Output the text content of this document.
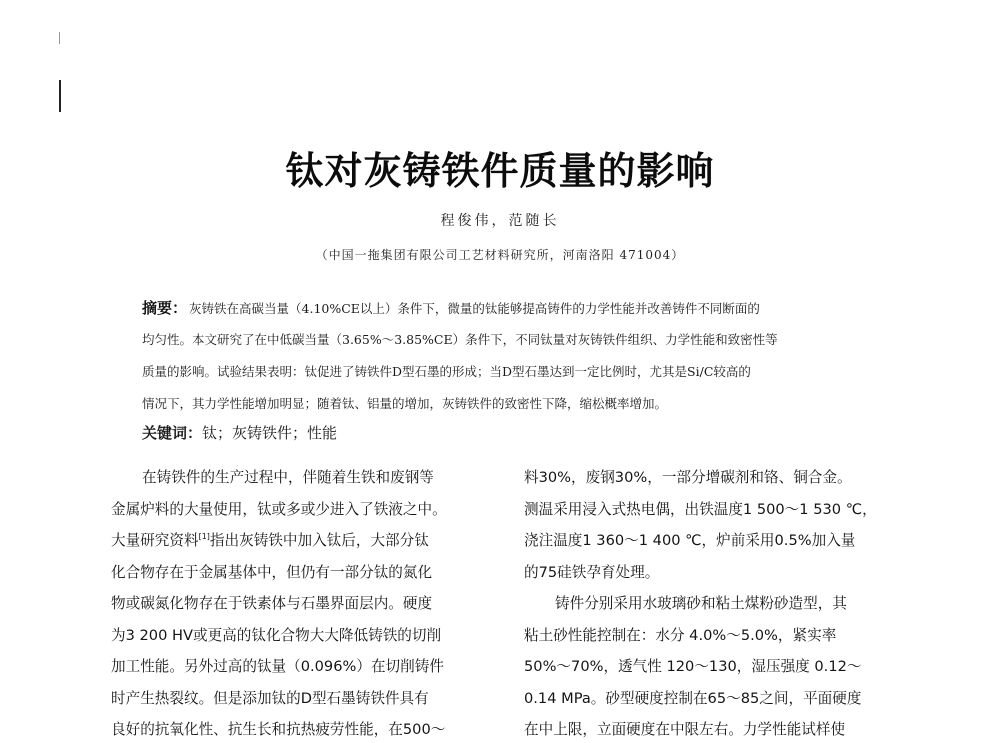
钛对灰铸铁件质量的影响
程俊伟，范随长
（中国一拖集团有限公司工艺材料研究所，河南洛阳 471004）
摘要： 灰铸铁在高碳当量（4.10%CE以上）条件下，微量的钛能够提高铸件的力学性能并改善铸件不同断面的
均匀性。本文研究了在中低碳当量（3.65%～3.85%CE）条件下，不同钛量对灰铸铁件组织、力学性能和致密性等
质量的影响。试验结果表明：钛促进了铸铁件D型石墨的形成；当D型石墨达到一定比例时，尤其是Si/C较高的
情况下，其力学性能增加明显；随着钛、铝量的增加，灰铸铁件的致密性下降，缩松概率增加。
关键词：钛；灰铸铁件；性能
在铸铁件的生产过程中，伴随着生铁和废钢等
金属炉料的大量使用，钛或多或少进入了铁液之中。
大量研究资料[1]指出灰铸铁中加入钛后，大部分钛
化合物存在于金属基体中，但仍有一部分钛的氮化
物或碳氮化物存在于铁素体与石墨界面层内。硬度
为3 200 HV或更高的钛化合物大大降低铸铁的切削
加工性能。另外过高的钛量（0.096%）在切削铸件
时产生热裂纹。但是添加钛的D型石墨铸铁件具有
良好的抗氧化性、抗生长和抗热疲劳性能，在500～
料30%，废钢30%，一部分增碳剂和铬、铜合金。
测温采用浸入式热电偶，出铁温度1 500～1 530 ℃，
浇注温度1 360～1 400 ℃，炉前采用0.5%加入量
的75硅铁孕育处理。
铸件分别采用水玻璃砂和粘土煤粉砂造型，其
粘土砂性能控制在：水分 4.0%～5.0%，紧实率
50%～70%，透气性 120～130，湿压强度 0.12～
0.14 MPa。砂型硬度控制在65～85之间，平面硬度
在中上限，立面硬度在中限左右。力学性能试样使
